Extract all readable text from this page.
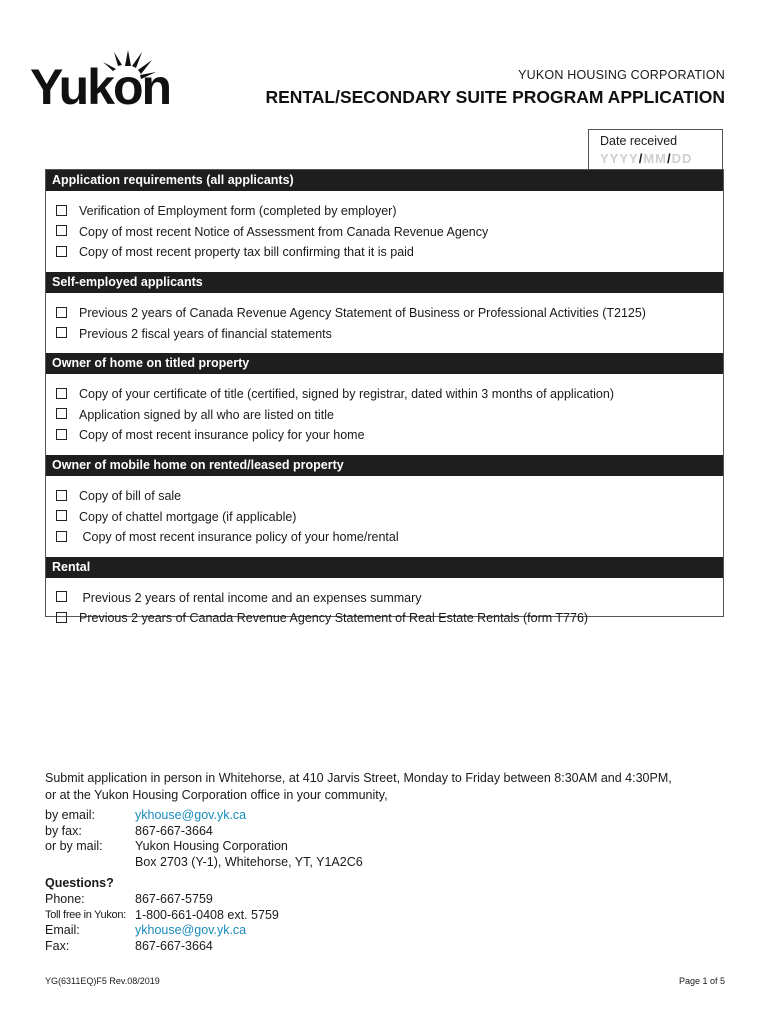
Yukon	YUKON HOUSING CORPORATION
RENTAL/SECONDARY SUITE PROGRAM APPLICATION
Date received
YYYY/MM/DD
Application requirements (all applicants)
Verification of Employment form (completed by employer)
Copy of most recent Notice of Assessment from Canada Revenue Agency
Copy of most recent property tax bill confirming that it is paid
Self-employed applicants
Previous 2 years of Canada Revenue Agency Statement of Business or Professional Activities (T2125)
Previous 2 fiscal years of financial statements
Owner of home on titled property
Copy of your certificate of title (certified, signed by registrar, dated within 3 months of application)
Application signed by all who are listed on title
Copy of most recent insurance policy for your home
Owner of mobile home on rented/leased property
Copy of bill of sale
Copy of chattel mortgage (if applicable)
Copy of most recent insurance policy of your home/rental
Rental
Previous 2 years of rental income and an expenses summary
Previous 2 years of Canada Revenue Agency Statement of Real Estate Rentals (form T776)
Submit application in person in Whitehorse, at 410 Jarvis Street, Monday to Friday between 8:30AM and 4:30PM,
or at the Yukon Housing Corporation office in your community,
by email:	ykhouse@gov.yk.ca
by fax:	867-667-3664
or by mail:	Yukon Housing Corporation
Box 2703 (Y-1), Whitehorse, YT, Y1A2C6
Questions?
Phone:	867-667-5759
Toll free in Yukon: 1-800-661-0408 ext. 5759
Email:	ykhouse@gov.yk.ca
Fax:	867-667-3664
YG(6311EQ)F5 Rev.08/2019	Page 1 of 5
